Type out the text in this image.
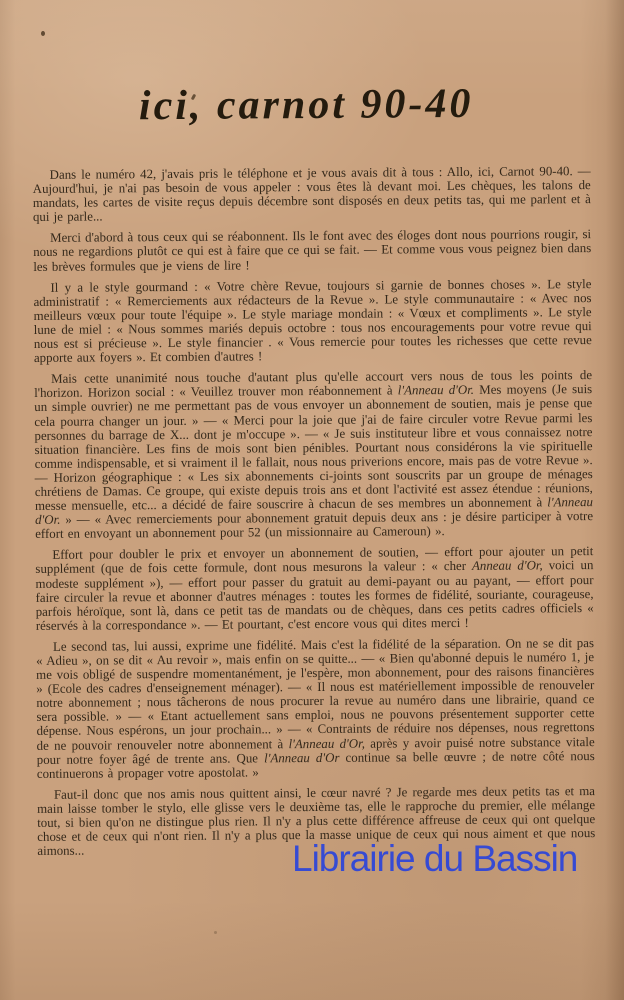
ici, carnot 90-40

Dans le numéro 42, j'avais pris le téléphone et je vous avais dit à tous : Allo, ici, Carnot 90-40. — Aujourd'hui, je n'ai pas besoin de vous appeler : vous êtes là devant moi. Les chèques, les talons de mandats, les cartes de visite reçus depuis décembre sont disposés en deux petits tas, qui me parlent et à qui je parle...

Merci d'abord à tous ceux qui se réabonnent. Ils le font avec des éloges dont nous pourrions rougir, si nous ne regardions plutôt ce qui est à faire que ce qui se fait. — Et comme vous vous peignez bien dans les brèves formules que je viens de lire !

Il y a le style gourmand : « Votre chère Revue, toujours si garnie de bonnes choses ». Le style administratif : « Remerciements aux rédacteurs de la Revue ». Le style communautaire : « Avec nos meilleurs vœux pour toute l'équipe ». Le style mariage mondain : « Vœux et compliments ». Le style lune de miel : « Nous sommes mariés depuis octobre : tous nos encouragements pour votre revue qui nous est si précieuse ». Le style financier . « Vous remercie pour toutes les richesses que cette revue apporte aux foyers ». Et combien d'autres !

Mais cette unanimité nous touche d'autant plus qu'elle accourt vers nous de tous les points de l'horizon. Horizon social : « Veuillez trouver mon réabonnement à l'Anneau d'Or. Mes moyens (Je suis un simple ouvrier) ne me permettant pas de vous envoyer un abonnement de soutien, mais je pense que cela pourra changer un jour. » — « Merci pour la joie que j'ai de faire circuler votre Revue parmi les personnes du barrage de X... dont je m'occupe ». — « Je suis instituteur libre et vous connaissez notre situation financière. Les fins de mois sont bien pénibles. Pourtant nous considérons la vie spirituelle comme indispensable, et si vraiment il le fallait, nous nous priverions encore, mais pas de votre Revue ». — Horizon géographique : « Les six abonnements ci-joints sont souscrits par un groupe de ménages chrétiens de Damas. Ce groupe, qui existe depuis trois ans et dont l'activité est assez étendue : réunions, messe mensuelle, etc... a décidé de faire souscrire à chacun de ses membres un abonnement à l'Anneau d'Or. » — « Avec remerciements pour abonnement gratuit depuis deux ans : je désire participer à votre effort en envoyant un abonnement pour 52 (un missionnaire au Cameroun) ».

Effort pour doubler le prix et envoyer un abonnement de soutien, — effort pour ajouter un petit supplément (que de fois cette formule, dont nous mesurons la valeur : « cher Anneau d'Or, voici un modeste supplément »), — effort pour passer du gratuit au demi-payant ou au payant, — effort pour faire circuler la revue et abonner d'autres ménages : toutes les formes de fidélité, souriante, courageuse, parfois héroïque, sont là, dans ce petit tas de mandats ou de chèques, dans ces petits cadres officiels « réservés à la correspondance ». — Et pourtant, c'est encore vous qui dites merci !

Le second tas, lui aussi, exprime une fidélité. Mais c'est la fidélité de la séparation. On ne se dit pas « Adieu », on se dit « Au revoir », mais enfin on se quitte... — « Bien qu'abonné depuis le numéro 1, je me vois obligé de suspendre momentanément, je l'espère, mon abonnement, pour des raisons financières » (Ecole des cadres d'enseignement ménager). — « Il nous est matériellement impossible de renouveler notre abonnement ; nous tâcherons de nous procurer la revue au numéro dans une librairie, quand ce sera possible. » — « Etant actuellement sans emploi, nous ne pouvons présentement supporter cette dépense. Nous espérons, un jour prochain... » — « Contraints de réduire nos dépenses, nous regrettons de ne pouvoir renouveler notre abonnement à l'Anneau d'Or, après y avoir puisé notre substance vitale pour notre foyer âgé de trente ans. Que l'Anneau d'Or continue sa belle œuvre ; de notre côté nous continuerons à propager votre apostolat. »

Faut-il donc que nos amis nous quittent ainsi, le cœur navré ? Je regarde mes deux petits tas et ma main laisse tomber le stylo, elle glisse vers le deuxième tas, elle le rapproche du premier, elle mélange tout, si bien qu'on ne distingue plus rien. Il n'y a plus cette différence affreuse de ceux qui ont quelque chose et de ceux qui n'ont rien. Il n'y a plus que la masse unique de ceux qui nous aiment et que nous aimons...	Librairie du Bassin
